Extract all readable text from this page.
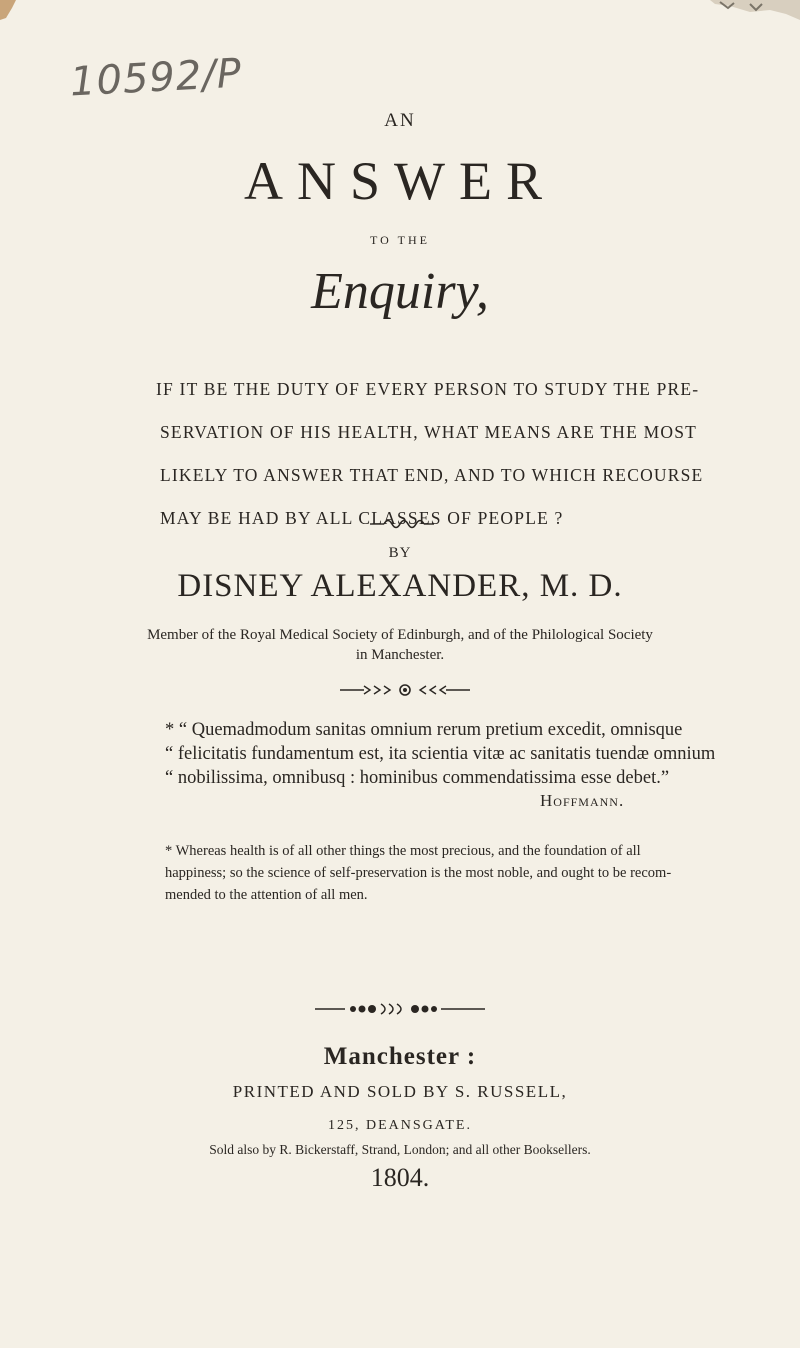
10592/P
AN
ANSWER
TO THE
Enquiry,
IF IT BE THE DUTY OF EVERY PERSON TO STUDY THE PRE-
SERVATION OF HIS HEALTH, WHAT MEANS ARE THE MOST
LIKELY TO ANSWER THAT END, AND TO WHICH RECOURSE
MAY BE HAD BY ALL CLASSES OF PEOPLE ?
BY
DISNEY ALEXANDER, M. D.
Member of the Royal Medical Society of Edinburgh, and of the Philological Society
in Manchester.
* “ Quemadmodum sanitas omnium rerum pretium excedit, omnisque
“ felicitatis fundamentum est, ita scientia vitæ ac sanitatis tuendæ omnium
“ nobilissima, omnibusq : hominibus commendatissima esse debet.”
Hoffmann.
* Whereas health is of all other things the most precious, and the foundation of all
happiness; so the science of self-preservation is the most noble, and ought to be recom-
mended to the attention of all men.
Manchester :
PRINTED AND SOLD BY S. RUSSELL,
125, DEANSGATE.
Sold also by R. Bickerstaff, Strand, London; and all other Booksellers.
1804.
